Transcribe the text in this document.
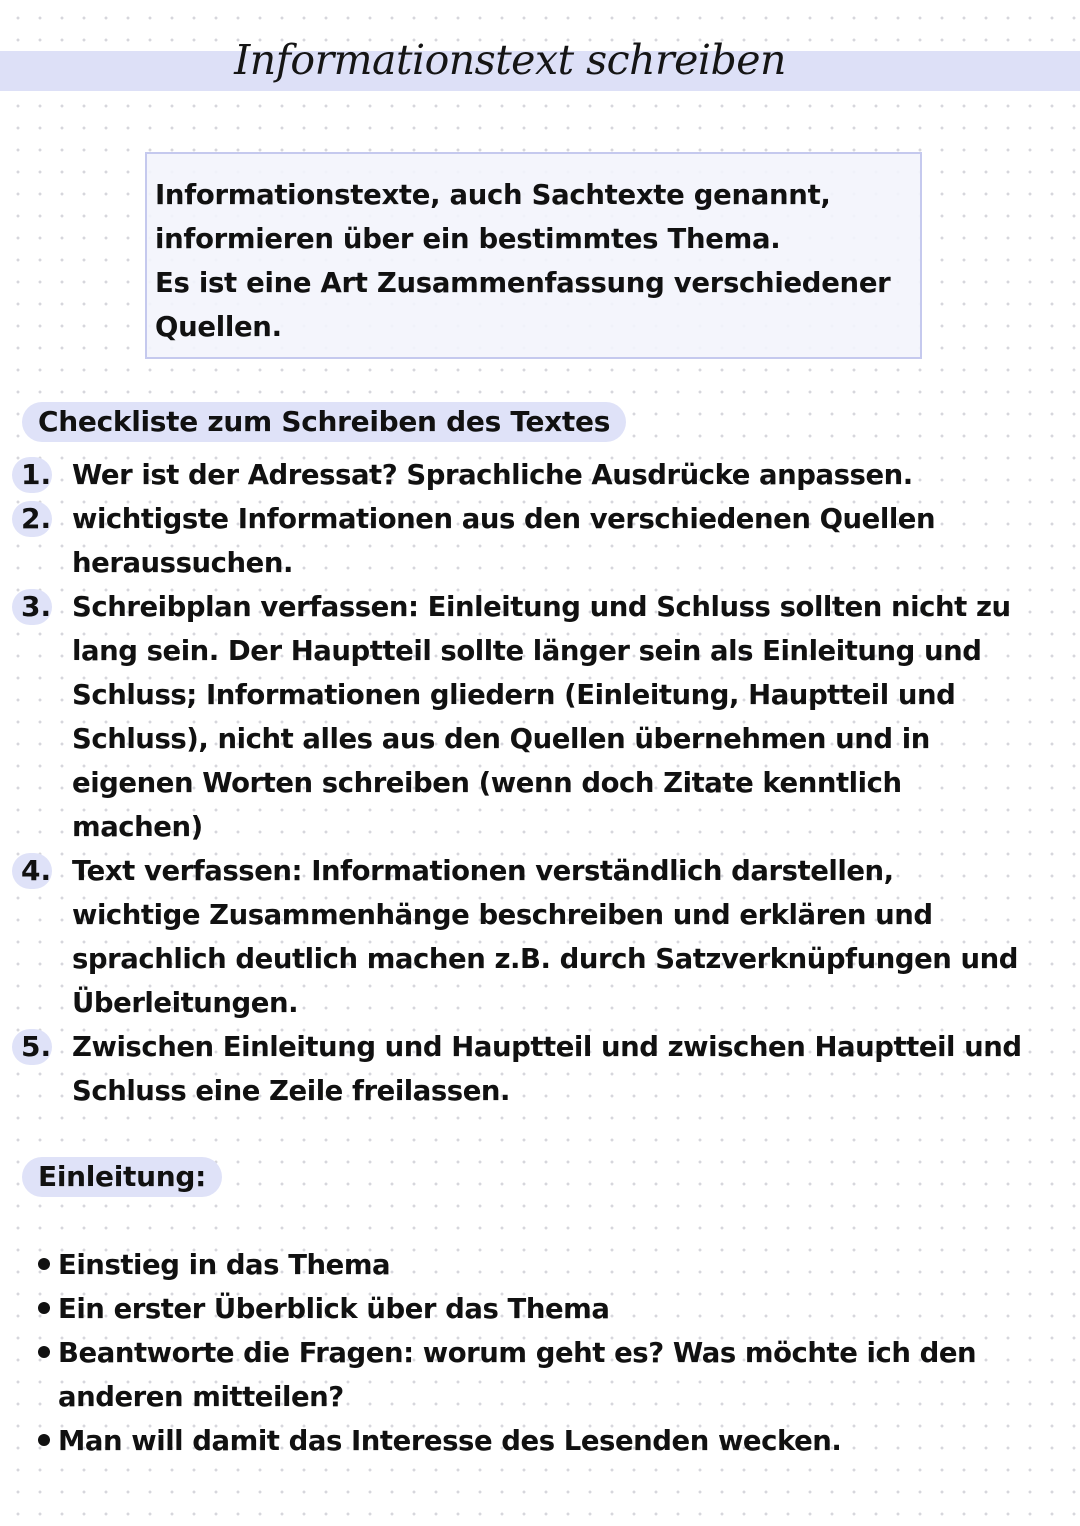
Informationstext schreiben
Informationstexte, auch Sachtexte genannt,
informieren über ein bestimmtes Thema.
Es ist eine Art Zusammenfassung verschiedener
Quellen.
Checkliste zum Schreiben des Textes
1. Wer ist der Adressat? Sprachliche Ausdrücke anpassen.
2. wichtigste Informationen aus den verschiedenen Quellen
heraussuchen.
3. Schreibplan verfassen: Einleitung und Schluss sollten nicht zu
lang sein. Der Hauptteil sollte länger sein als Einleitung und
Schluss; Informationen gliedern (Einleitung, Hauptteil und
Schluss), nicht alles aus den Quellen übernehmen und in
eigenen Worten schreiben (wenn doch Zitate kenntlich
machen)
4. Text verfassen: Informationen verständlich darstellen,
wichtige Zusammenhänge beschreiben und erklären und
sprachlich deutlich machen z.B. durch Satzverknüpfungen und
Überleitungen.
5. Zwischen Einleitung und Hauptteil und zwischen Hauptteil und
Schluss eine Zeile freilassen.
Einleitung:
Einstieg in das Thema
Ein erster Überblick über das Thema
Beantworte die Fragen: worum geht es? Was möchte ich den
anderen mitteilen?
Man will damit das Interesse des Lesenden wecken.
